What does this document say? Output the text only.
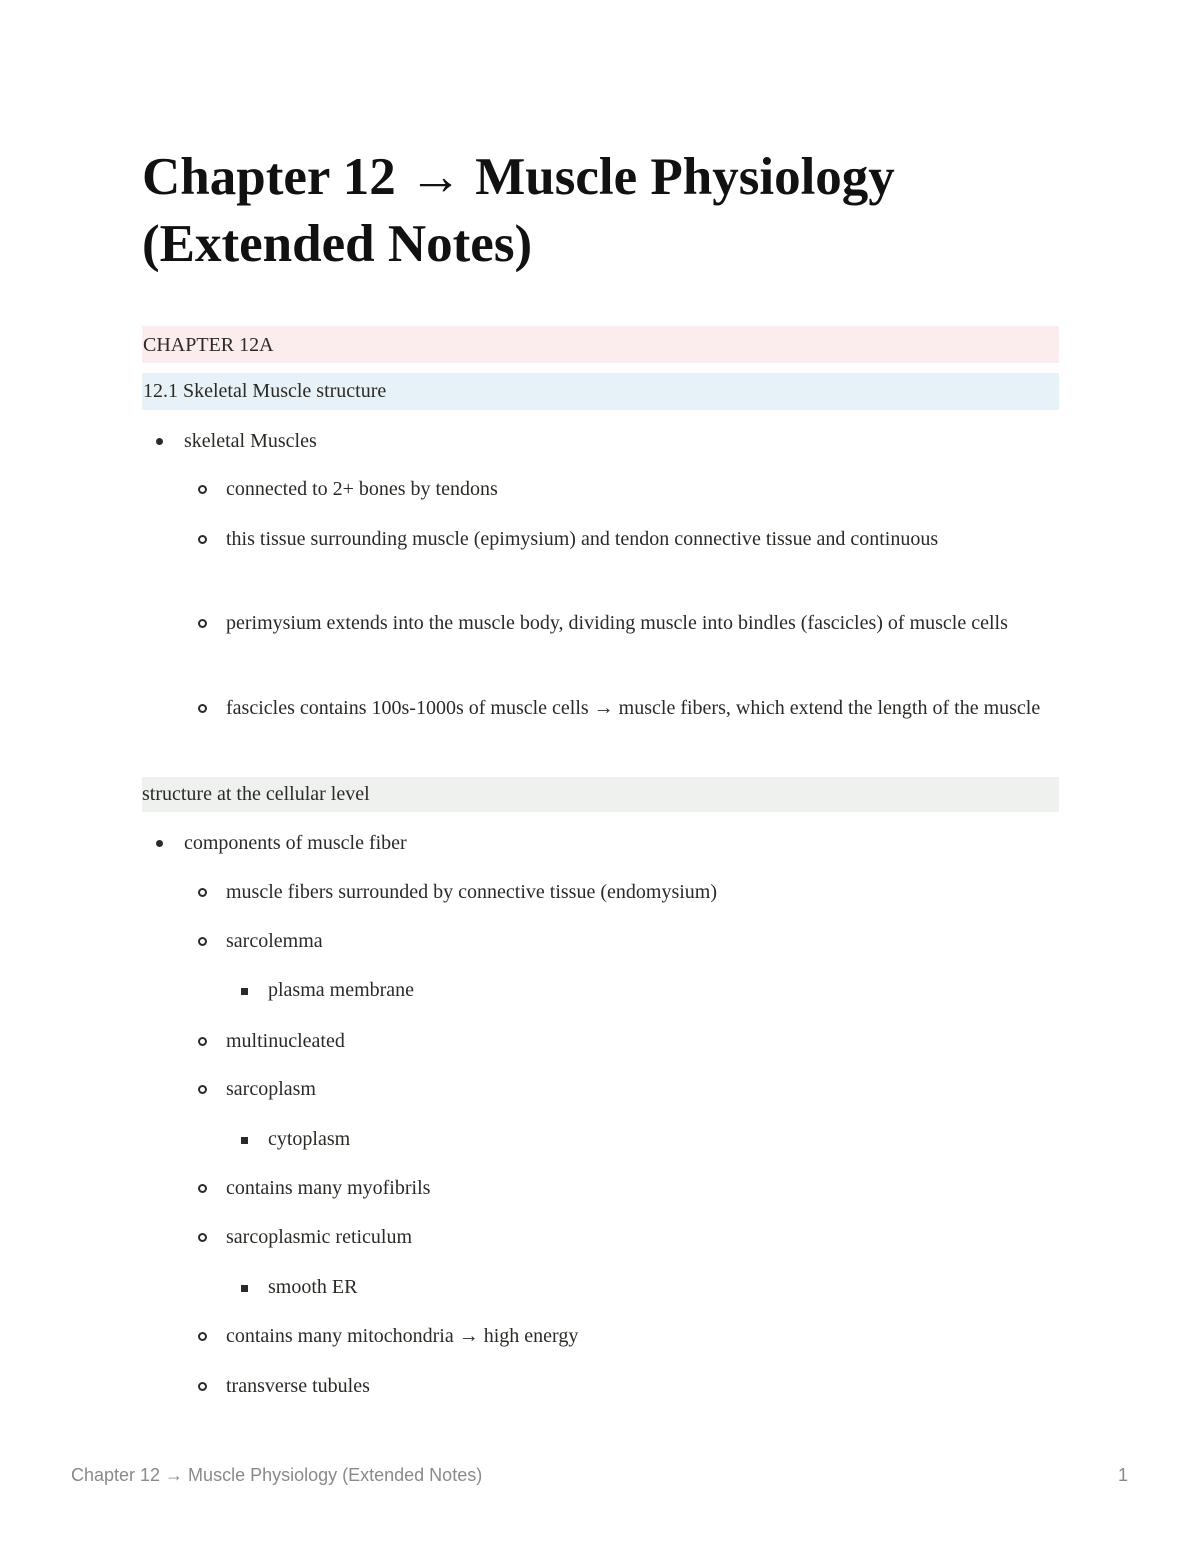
Chapter 12 → Muscle Physiology (Extended Notes)
CHAPTER 12A
12.1 Skeletal Muscle structure
skeletal Muscles
connected to 2+ bones by tendons
this tissue surrounding muscle (epimysium) and tendon connective tissue and continuous
perimysium extends into the muscle body, dividing muscle into bindles (fascicles) of muscle cells
fascicles contains 100s-1000s of muscle cells → muscle fibers, which extend the length of the muscle
structure at the cellular level
components of muscle fiber
muscle fibers surrounded by connective tissue (endomysium)
sarcolemma
plasma membrane
multinucleated
sarcoplasm
cytoplasm
contains many myofibrils
sarcoplasmic reticulum
smooth ER
contains many mitochondria → high energy
transverse tubules
Chapter 12 → Muscle Physiology (Extended Notes)	1
